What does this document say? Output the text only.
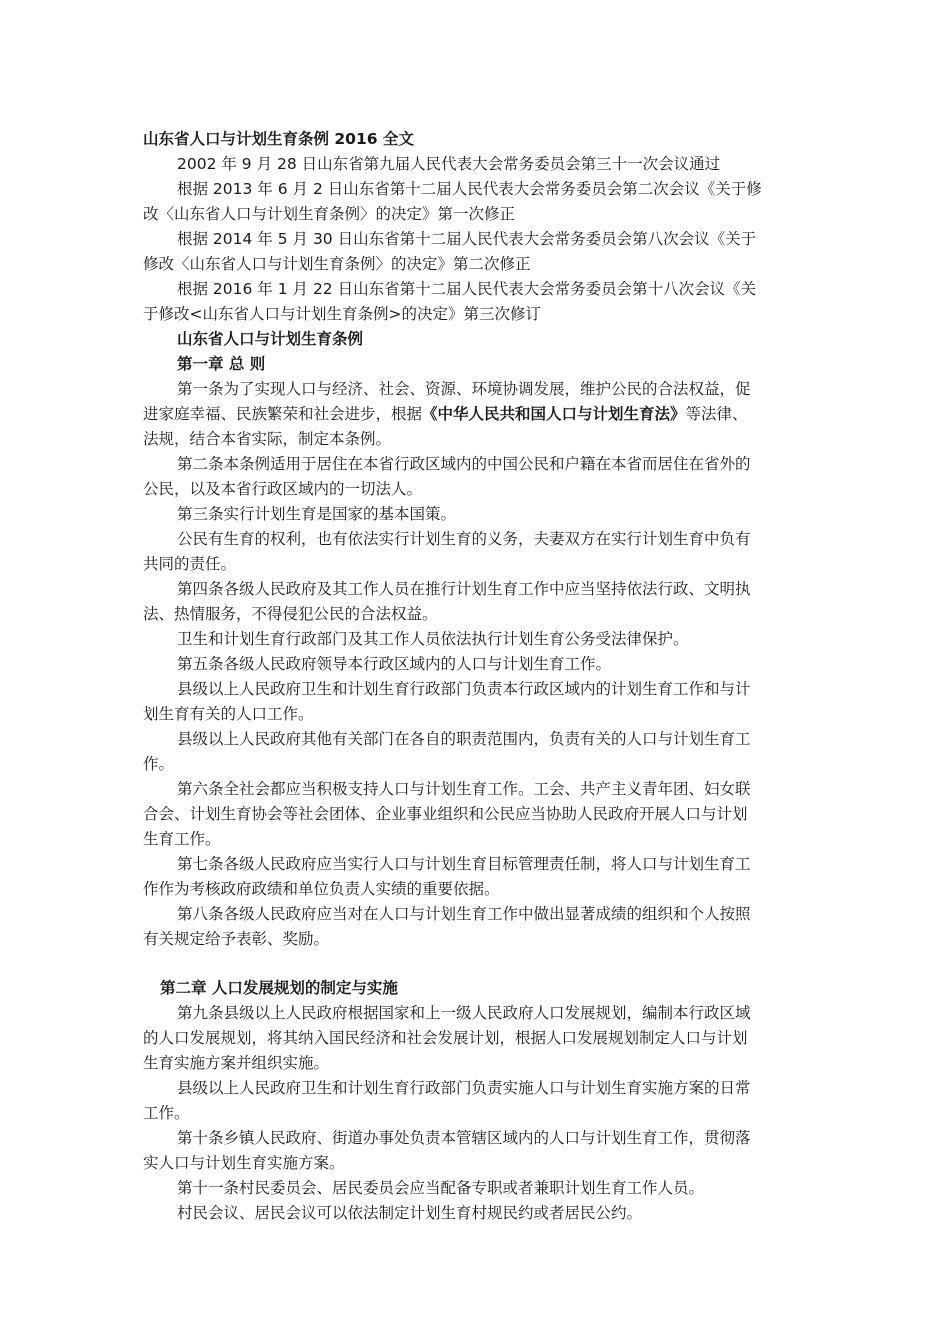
山东省人口与计划生育条例 2016 全文
2002 年 9 月 28 日山东省第九届人民代表大会常务委员会第三十一次会议通过
根据 2013 年 6 月 2 日山东省第十二届人民代表大会常务委员会第二次会议《关于修
改〈山东省人口与计划生育条例〉的决定》第一次修正
根据 2014 年 5 月 30 日山东省第十二届人民代表大会常务委员会第八次会议《关于
修改〈山东省人口与计划生育条例〉的决定》第二次修正
根据 2016 年 1 月 22 日山东省第十二届人民代表大会常务委员会第十八次会议《关
于修改<山东省人口与计划生育条例>的决定》第三次修订
山东省人口与计划生育条例
第一章 总 则
第一条为了实现人口与经济、社会、资源、环境协调发展，维护公民的合法权益，促
进家庭幸福、民族繁荣和社会进步，根据《中华人民共和国人口与计划生育法》等法律、
法规，结合本省实际，制定本条例。
第二条本条例适用于居住在本省行政区域内的中国公民和户籍在本省而居住在省外的
公民，以及本省行政区域内的一切法人。
第三条实行计划生育是国家的基本国策。
公民有生育的权利，也有依法实行计划生育的义务，夫妻双方在实行计划生育中负有
共同的责任。
第四条各级人民政府及其工作人员在推行计划生育工作中应当坚持依法行政、文明执
法、热情服务，不得侵犯公民的合法权益。
卫生和计划生育行政部门及其工作人员依法执行计划生育公务受法律保护。
第五条各级人民政府领导本行政区域内的人口与计划生育工作。
县级以上人民政府卫生和计划生育行政部门负责本行政区域内的计划生育工作和与计
划生育有关的人口工作。
县级以上人民政府其他有关部门在各自的职责范围内，负责有关的人口与计划生育工
作。
第六条全社会都应当积极支持人口与计划生育工作。工会、共产主义青年团、妇女联
合会、计划生育协会等社会团体、企业事业组织和公民应当协助人民政府开展人口与计划
生育工作。
第七条各级人民政府应当实行人口与计划生育目标管理责任制，将人口与计划生育工
作作为考核政府政绩和单位负责人实绩的重要依据。
第八条各级人民政府应当对在人口与计划生育工作中做出显著成绩的组织和个人按照
有关规定给予表彰、奖励。
第二章 人口发展规划的制定与实施
第九条县级以上人民政府根据国家和上一级人民政府人口发展规划，编制本行政区域
的人口发展规划，将其纳入国民经济和社会发展计划，根据人口发展规划制定人口与计划
生育实施方案并组织实施。
县级以上人民政府卫生和计划生育行政部门负责实施人口与计划生育实施方案的日常
工作。
第十条乡镇人民政府、街道办事处负责本管辖区域内的人口与计划生育工作，贯彻落
实人口与计划生育实施方案。
第十一条村民委员会、居民委员会应当配备专职或者兼职计划生育工作人员。
村民会议、居民会议可以依法制定计划生育村规民约或者居民公约。
